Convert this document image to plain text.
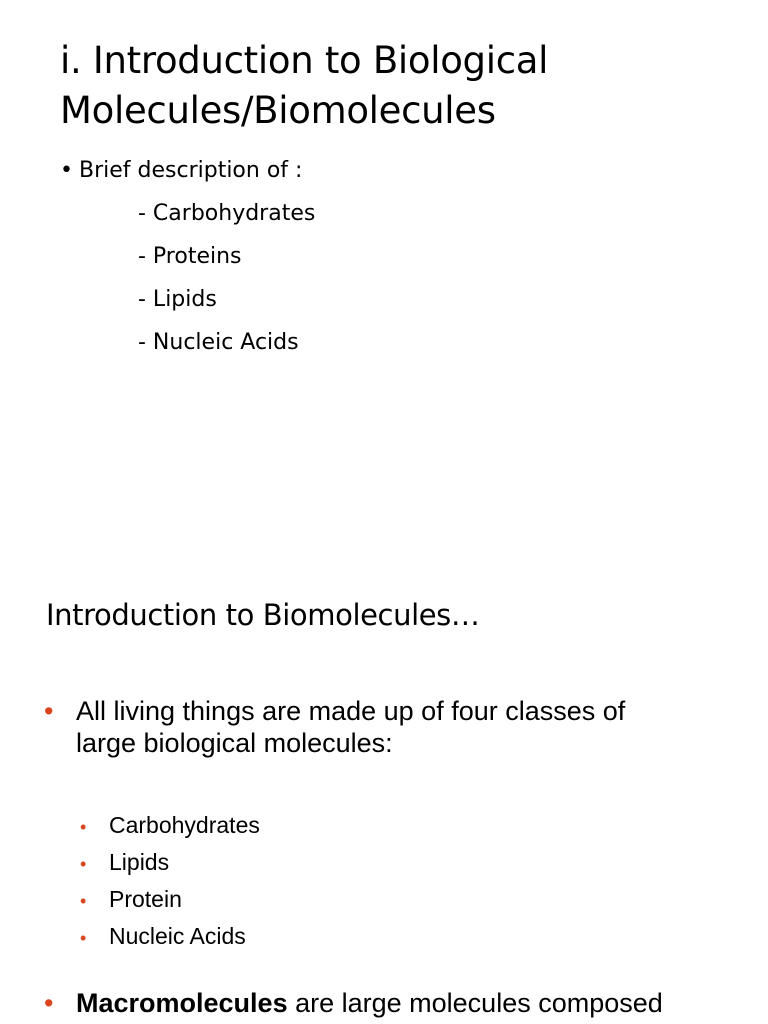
i. Introduction to Biological
Molecules/Biomolecules
• Brief description of :
- Carbohydrates
- Proteins
- Lipids
- Nucleic Acids
Introduction to Biomolecules…
• All living things are made up of four classes of
large biological molecules:
• Carbohydrates
• Lipids
• Protein
• Nucleic Acids
• Macromolecules are large molecules composed
